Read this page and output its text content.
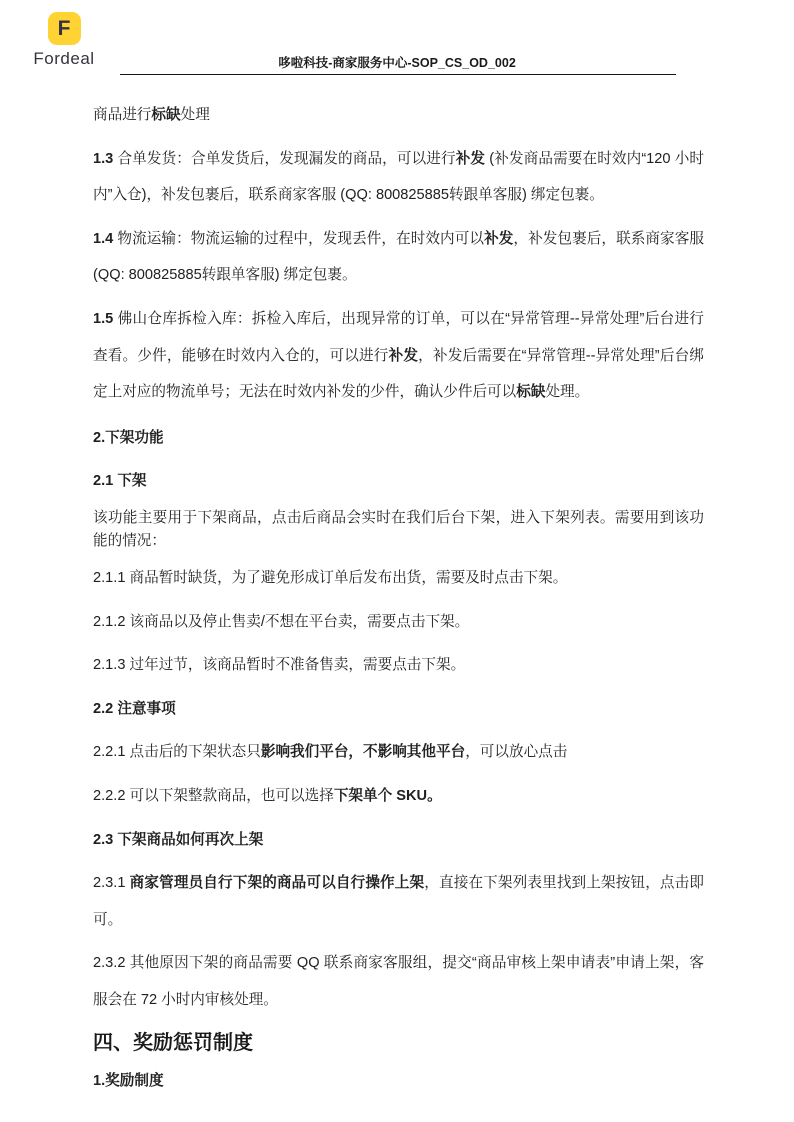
F
Fordeal	哆啦科技-商家服务中心-SOP_CS_OD_002

商品进行标缺处理

1.3 合单发货：合单发货后，发现漏发的商品，可以进行补发 (补发商品需要在时效内“120 小时内”入仓)，补发包裹后，联系商家客服 (QQ: 800825885转跟单客服) 绑定包裹。

1.4 物流运输：物流运输的过程中，发现丢件，在时效内可以补发，补发包裹后，联系商家客服 (QQ: 800825885转跟单客服) 绑定包裹。

1.5 佛山仓库拆检入库：拆检入库后，出现异常的订单，可以在“异常管理--异常处理”后台进行查看。少件，能够在时效内入仓的，可以进行补发，补发后需要在“异常管理--异常处理”后台绑定上对应的物流单号；无法在时效内补发的少件，确认少件后可以标缺处理。

2.下架功能

2.1 下架

该功能主要用于下架商品，点击后商品会实时在我们后台下架，进入下架列表。需要用到该功能的情况：

2.1.1 商品暂时缺货，为了避免形成订单后发布出货，需要及时点击下架。

2.1.2 该商品以及停止售卖/不想在平台卖，需要点击下架。

2.1.3 过年过节，该商品暂时不准备售卖，需要点击下架。

2.2 注意事项

2.2.1 点击后的下架状态只影响我们平台，不影响其他平台，可以放心点击

2.2.2 可以下架整款商品，也可以选择下架单个 SKU。

2.3 下架商品如何再次上架

2.3.1 商家管理员自行下架的商品可以自行操作上架，直接在下架列表里找到上架按钮，点击即可。

2.3.2 其他原因下架的商品需要 QQ 联系商家客服组，提交“商品审核上架申请表”申请上架，客服会在 72 小时内审核处理。

四、奖励惩罚制度

1.奖励制度
